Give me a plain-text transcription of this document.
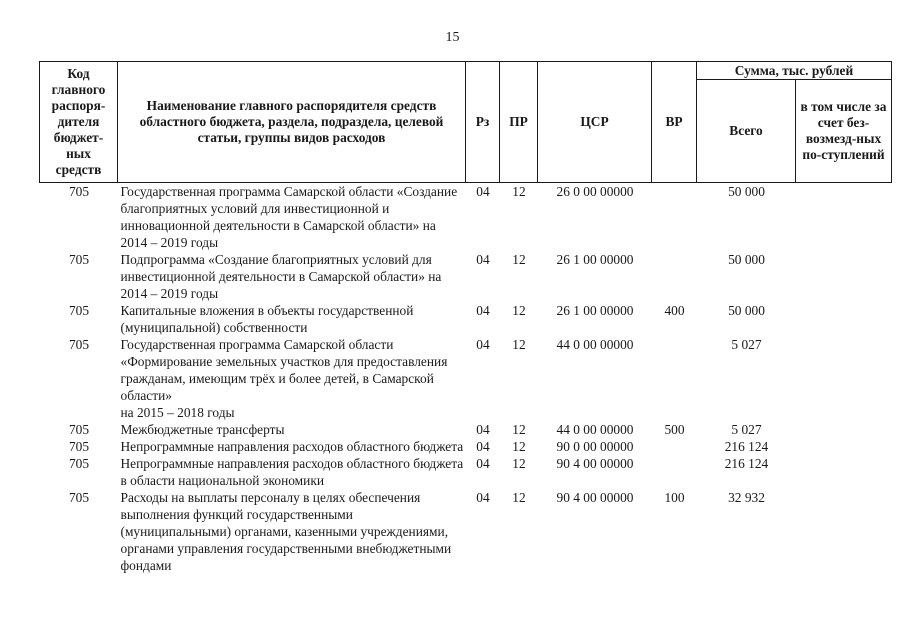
15
Код главного распоря-дителя бюджет-ных средств	Наименование главного распорядителя средств областного бюджета, раздела, подраздела, целевой статьи, группы видов расходов	Рз	ПР	ЦСР	ВР	Сумма, тыс. рублей	
						Всего	в том числе за счет без-возмезд-ных по-ступлений
705	Государственная программа Самарской области «Создание благоприятных условий для инвестиционной и инновационной деятельности в Самарской области» на 2014 – 2019 годы	04	12	26 0 00 00000		50 000	
705	Подпрограмма «Создание благоприятных условий для инвестиционной деятельности в Самарской области» на 2014 – 2019 годы	04	12	26 1 00 00000		50 000	
705	Капитальные вложения в объекты государственной (муниципальной) собственности	04	12	26 1 00 00000	400	50 000	
705	Государственная программа Самарской области «Формирование земельных участков для предоставления гражданам, имеющим трёх и более детей, в Самарской области»
на 2015 – 2018 годы	04	12	44 0 00 00000		5 027	
705	Межбюджетные трансферты	04	12	44 0 00 00000	500	5 027	
705	Непрограммные направления расходов областного бюджета	04	12	90 0 00 00000		216 124	
705	Непрограммные направления расходов областного бюджета в области национальной экономики	04	12	90 4 00 00000		216 124	
705	Расходы на выплаты персоналу в целях обеспечения выполнения функций государственными (муниципальными) органами, казенными учреждениями, органами управления государственными внебюджетными фондами	04	12	90 4 00 00000	100	32 932	
